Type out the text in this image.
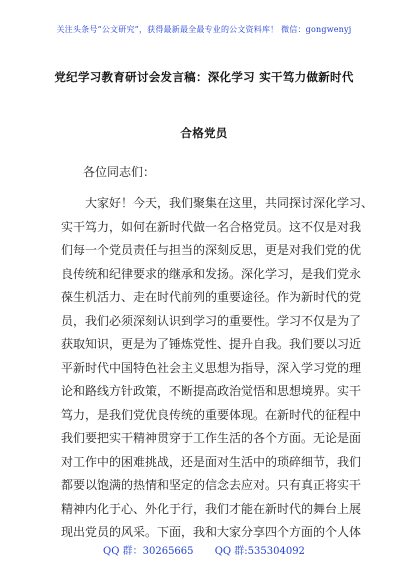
关注头条号“公文研究”，获得最新最全最专业的公文资料库！ 微信：gongwenyj
党纪学习教育研讨会发言稿：深化学习 实干笃力做新时代
合格党员
各位同志们：
大家好！今天，我们聚集在这里，共同探讨深化学习、
实干笃力，如何在新时代做一名合格党员。这不仅是对我
们每一个党员责任与担当的深刻反思，更是对我们党的优
良传统和纪律要求的继承和发扬。深化学习，是我们党永
葆生机活力、走在时代前列的重要途径。作为新时代的党
员，我们必须深刻认识到学习的重要性。学习不仅是为了
获取知识，更是为了锤炼党性、提升自我。我们要以习近
平新时代中国特色社会主义思想为指导，深入学习党的理
论和路线方针政策，不断提高政治觉悟和思想境界。实干
笃力，是我们党优良传统的重要体现。在新时代的征程中
我们要把实干精神贯穿于工作生活的各个方面。无论是面
对工作中的困难挑战，还是面对生活中的琐碎细节，我们
都要以饱满的热情和坚定的信念去应对。只有真正将实干
精神内化于心、外化于行，我们才能在新时代的舞台上展
现出党员的风采。下面，我和大家分享四个方面的个人体
QQ 群：30265665 QQ 群:535304092
